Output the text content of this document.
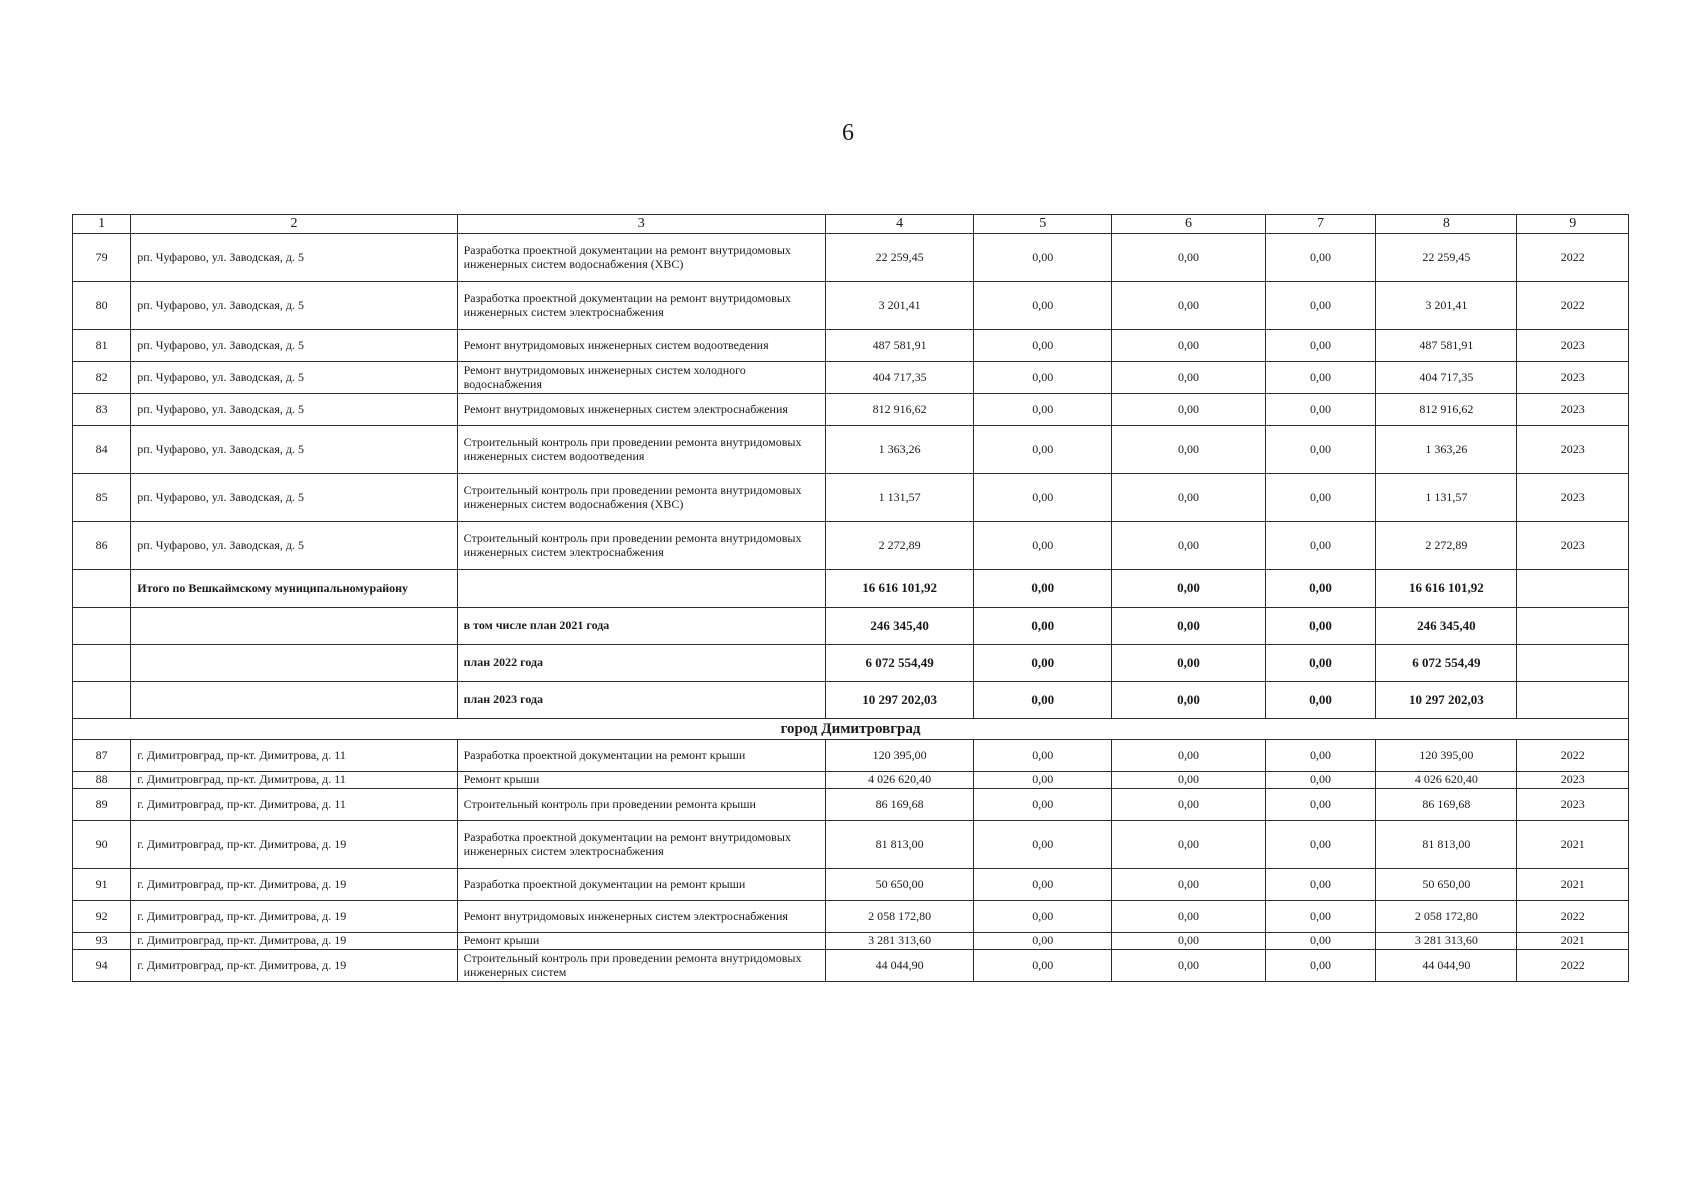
6
1	2	3	4	5	6	7	8	9
79	рп. Чуфарово, ул. Заводская, д. 5	Разработка проектной документации на ремонт внутридомовых инженерных систем водоснабжения (ХВС)	22 259,45	0,00	0,00	0,00	22 259,45	2022
80	рп. Чуфарово, ул. Заводская, д. 5	Разработка проектной документации на ремонт внутридомовых инженерных систем электроснабжения	3 201,41	0,00	0,00	0,00	3 201,41	2022
81	рп. Чуфарово, ул. Заводская, д. 5	Ремонт внутридомовых инженерных систем водоотведения	487 581,91	0,00	0,00	0,00	487 581,91	2023
82	рп. Чуфарово, ул. Заводская, д. 5	Ремонт внутридомовых инженерных систем холодного водоснабжения	404 717,35	0,00	0,00	0,00	404 717,35	2023
83	рп. Чуфарово, ул. Заводская, д. 5	Ремонт внутридомовых инженерных систем электроснабжения	812 916,62	0,00	0,00	0,00	812 916,62	2023
84	рп. Чуфарово, ул. Заводская, д. 5	Строительный контроль при проведении ремонта внутридомовых инженерных систем водоотведения	1 363,26	0,00	0,00	0,00	1 363,26	2023
85	рп. Чуфарово, ул. Заводская, д. 5	Строительный контроль при проведении ремонта внутридомовых инженерных систем водоснабжения (ХВС)	1 131,57	0,00	0,00	0,00	1 131,57	2023
86	рп. Чуфарово, ул. Заводская, д. 5	Строительный контроль при проведении ремонта внутридомовых инженерных систем электроснабжения	2 272,89	0,00	0,00	0,00	2 272,89	2023
	Итого по Вешкаймскому муниципальномурайону		16 616 101,92	0,00	0,00	0,00	16 616 101,92	
		в том числе план 2021 года	246 345,40	0,00	0,00	0,00	246 345,40	
		план 2022 года	6 072 554,49	0,00	0,00	0,00	6 072 554,49	
		план 2023 года	10 297 202,03	0,00	0,00	0,00	10 297 202,03	
город Димитровград								
87	г. Димитровград, пр-кт. Димитрова, д. 11	Разработка проектной документации на ремонт крыши	120 395,00	0,00	0,00	0,00	120 395,00	2022
88	г. Димитровград, пр-кт. Димитрова, д. 11	Ремонт крыши	4 026 620,40	0,00	0,00	0,00	4 026 620,40	2023
89	г. Димитровград, пр-кт. Димитрова, д. 11	Строительный контроль при проведении ремонта крыши	86 169,68	0,00	0,00	0,00	86 169,68	2023
90	г. Димитровград, пр-кт. Димитрова, д. 19	Разработка проектной документации на ремонт внутридомовых инженерных систем электроснабжения	81 813,00	0,00	0,00	0,00	81 813,00	2021
91	г. Димитровград, пр-кт. Димитрова, д. 19	Разработка проектной документации на ремонт крыши	50 650,00	0,00	0,00	0,00	50 650,00	2021
92	г. Димитровград, пр-кт. Димитрова, д. 19	Ремонт внутридомовых инженерных систем электроснабжения	2 058 172,80	0,00	0,00	0,00	2 058 172,80	2022
93	г. Димитровград, пр-кт. Димитрова, д. 19	Ремонт крыши	3 281 313,60	0,00	0,00	0,00	3 281 313,60	2021
94	г. Димитровград, пр-кт. Димитрова, д. 19	Строительный контроль при проведении ремонта внутридомовых инженерных систем	44 044,90	0,00	0,00	0,00	44 044,90	2022
